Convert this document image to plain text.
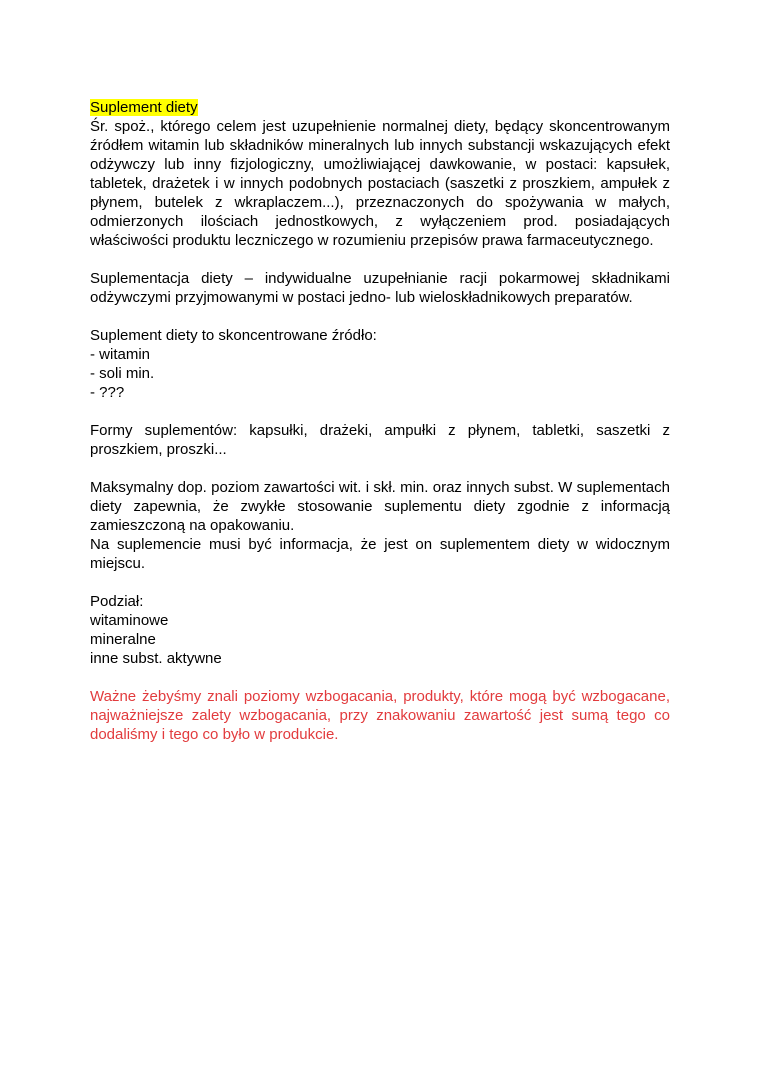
Suplement diety

Śr. spoż., którego celem jest uzupełnienie normalnej diety, będący skoncentrowanym źródłem witamin lub składników mineralnych lub innych substancji wskazujących efekt odżywczy lub inny fizjologiczny, umożliwiającej dawkowanie, w postaci: kapsułek, tabletek, drażetek i w innych podobnych postaciach (saszetki z proszkiem, ampułek z płynem, butelek z wkraplaczem...), przeznaczonych do spożywania w małych, odmierzonych ilościach jednostkowych, z wyłączeniem prod. posiadających właściwości produktu leczniczego w rozumieniu przepisów prawa farmaceutycznego.

Suplementacja diety – indywidualne uzupełnianie racji pokarmowej składnikami odżywczymi przyjmowanymi w postaci jedno- lub wieloskładnikowych preparatów.

Suplement diety to skoncentrowane źródło:
- witamin
- soli min.
- ???

Formy suplementów: kapsułki, drażeki, ampułki z płynem, tabletki, saszetki z proszkiem, proszki...

Maksymalny dop. poziom zawartości wit. i skł. min. oraz innych subst. W suplementach diety zapewnia, że zwykłe stosowanie suplementu diety zgodnie z informacją zamieszczoną na opakowaniu.

Na suplemencie musi być informacja, że jest on suplementem diety w widocznym miejscu.

Podział:
witaminowe
mineralne
inne subst. aktywne

Ważne żebyśmy znali poziomy wzbogacania, produkty, które mogą być wzbogacane, najważniejsze zalety wzbogacania, przy znakowaniu zawartość jest sumą tego co dodaliśmy i tego co było w produkcie.
